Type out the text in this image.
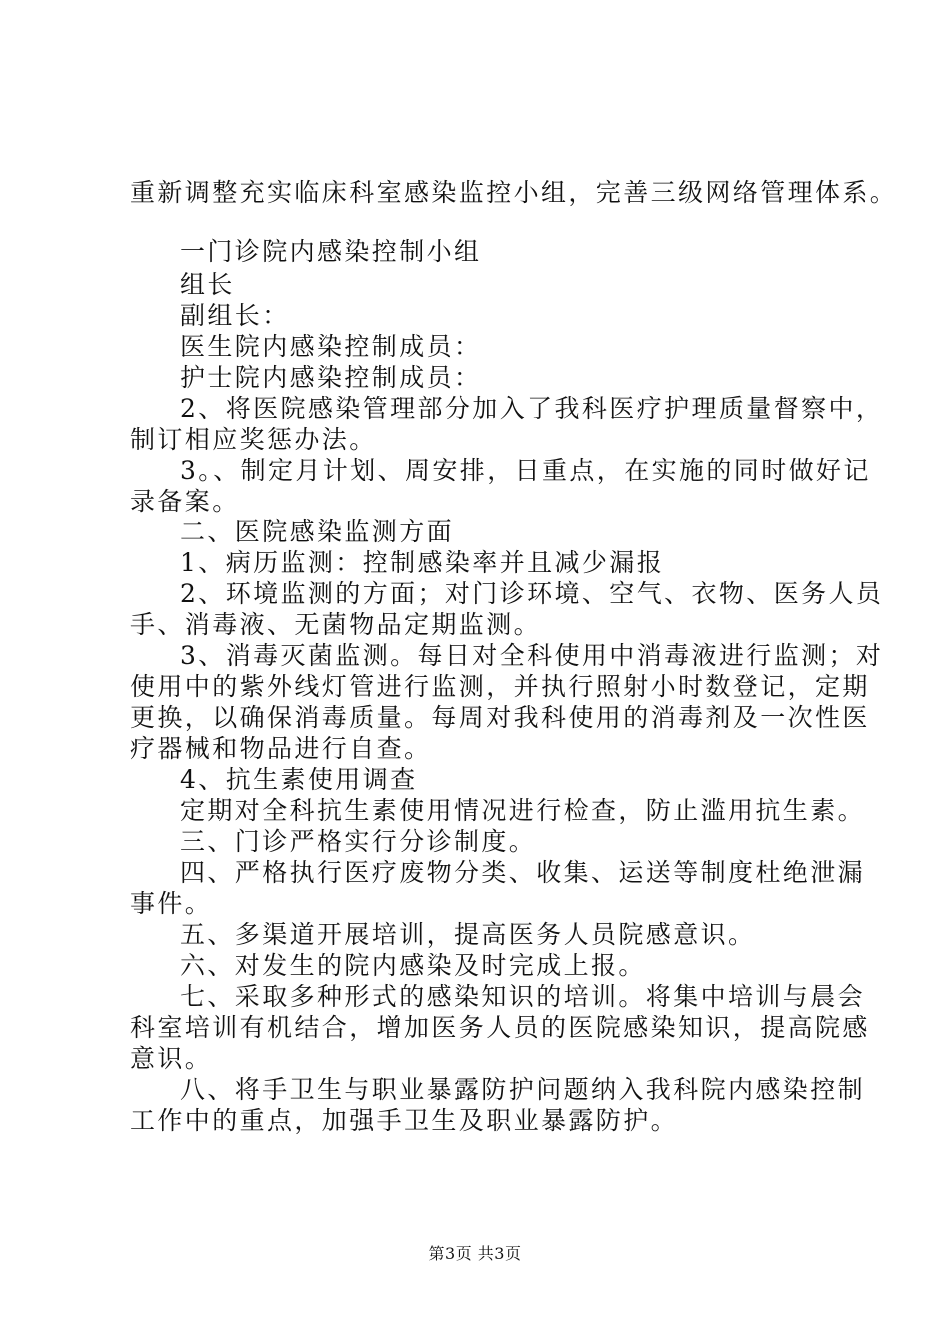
重新调整充实临床科室感染监控小组，完善三级网络管理体系。
一门诊院内感染控制小组
组长
副组长：
医生院内感染控制成员：
护士院内感染控制成员：
2、将医院感染管理部分加入了我科医疗护理质量督察中，
制订相应奖惩办法。
3。、制定月计划、周安排，日重点，在实施的同时做好记
录备案。
二、医院感染监测方面
1、病历监测：控制感染率并且减少漏报
2、环境监测的方面；对门诊环境、空气、衣物、医务人员
手、消毒液、无菌物品定期监测。
3、消毒灭菌监测。每日对全科使用中消毒液进行监测；对
使用中的紫外线灯管进行监测，并执行照射小时数登记，定期
更换，以确保消毒质量。每周对我科使用的消毒剂及一次性医
疗器械和物品进行自查。
4、抗生素使用调查
定期对全科抗生素使用情况进行检查，防止滥用抗生素。
三、门诊严格实行分诊制度。
四、严格执行医疗废物分类、收集、运送等制度杜绝泄漏
事件。
五、多渠道开展培训，提高医务人员院感意识。
六、对发生的院内感染及时完成上报。
七、采取多种形式的感染知识的培训。将集中培训与晨会
科室培训有机结合，增加医务人员的医院感染知识，提高院感
意识。
八、将手卫生与职业暴露防护问题纳入我科院内感染控制
工作中的重点，加强手卫生及职业暴露防护。
第3页 共3页
